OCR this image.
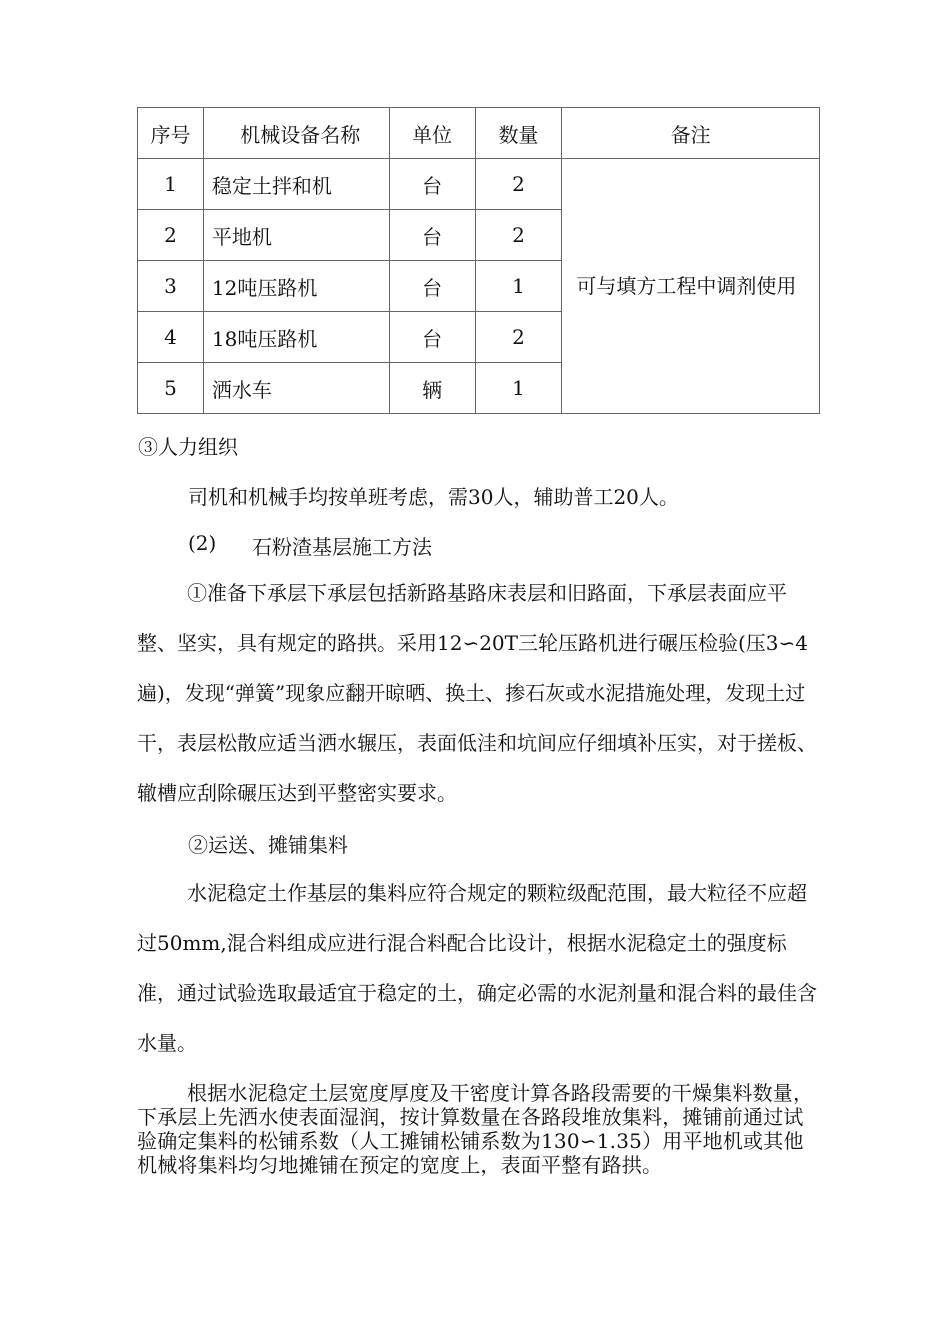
序号	机械设备名称	单位	数量	备注
1	稳定土拌和机	台	2	可与填方工程中调剂使用
2	平地机	台	2	
3	12吨压路机	台	1	
4	18吨压路机	台	2	
5	洒水车	辆	1	
③人力组织
司机和机械手均按单班考虑，需30人，辅助普工20人。
(2) 石粉渣基层施工方法
①准备下承层下承层包括新路基路床表层和旧路面，下承层表面应平整、坚实，具有规定的路拱。采用12∽20T三轮压路机进行碾压检验(压3∽4遍)，发现“弹簧”现象应翻开晾晒、换土、掺石灰或水泥措施处理，发现土过干，表层松散应适当洒水辗压，表面低洼和坑间应仔细填补压实，对于搓板、辙槽应刮除碾压达到平整密实要求。
②运送、摊铺集料
水泥稳定土作基层的集料应符合规定的颗粒级配范围，最大粒径不应超过50mm,混合料组成应进行混合料配合比设计，根据水泥稳定土的强度标准，通过试验选取最适宜于稳定的土，确定必需的水泥剂量和混合料的最佳含水量。
根据水泥稳定土层宽度厚度及干密度计算各路段需要的干燥集料数量，下承层上先洒水使表面湿润，按计算数量在各路段堆放集料，摊铺前通过试验确定集料的松铺系数（人工摊铺松铺系数为130∽1.35）用平地机或其他机械将集料均匀地摊铺在预定的宽度上，表面平整有路拱。
